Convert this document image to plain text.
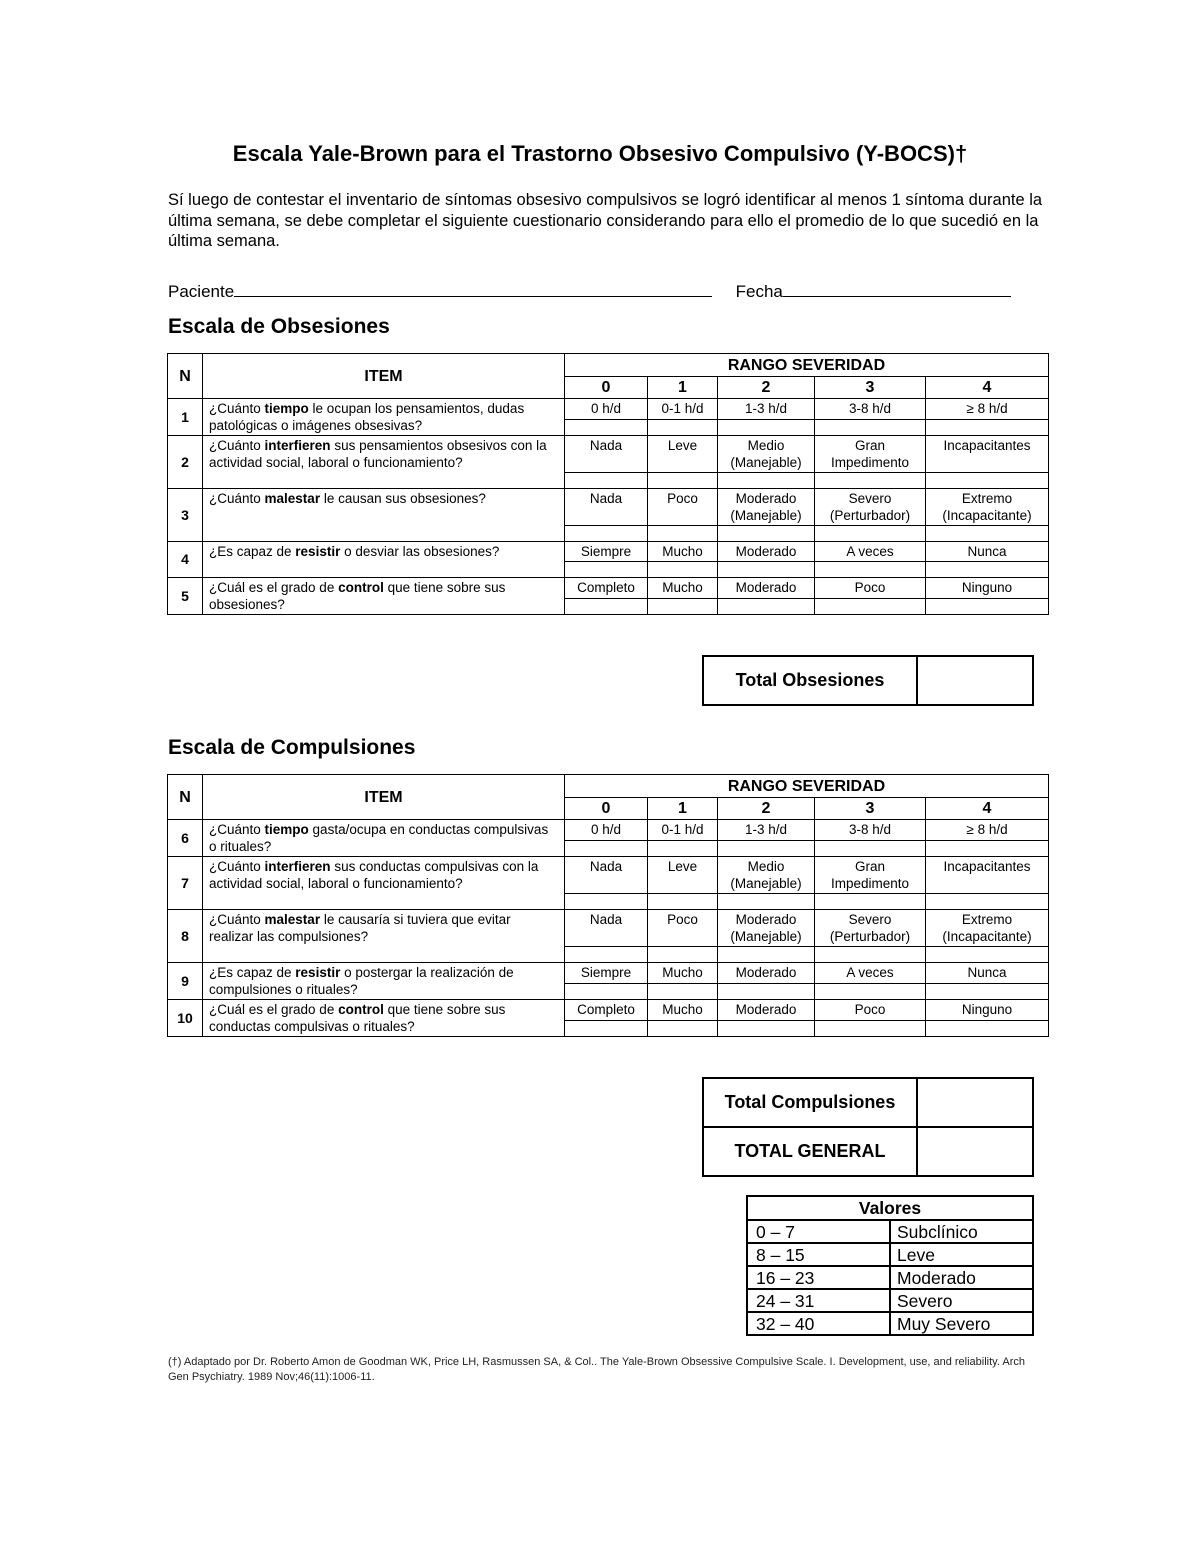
Escala Yale-Brown para el Trastorno Obsesivo Compulsivo (Y-BOCS)†
Sí luego de contestar el inventario de síntomas obsesivo compulsivos se logró identificar al menos 1 síntoma durante la última semana, se debe completar el siguiente cuestionario considerando para ello el promedio de lo que sucedió en la última semana.
Paciente	Fecha
Escala de Obsesiones
N	ITEM	RANGO SEVERIDAD				
		0	1	2	3	4
1	¿Cuánto tiempo le ocupan los pensamientos, dudas patológicas o imágenes obsesivas?	0 h/d	0-1 h/d	1-3 h/d	3-8 h/d	≥ 8 h/d

2	¿Cuánto interfieren sus pensamientos obsesivos con la actividad social, laboral o funcionamiento?	Nada	Leve	Medio (Manejable)	Gran Impedimento	Incapacitantes

3	¿Cuánto malestar le causan sus obsesiones?	Nada	Poco	Moderado (Manejable)	Severo (Perturbador)	Extremo (Incapacitante)

4	¿Es capaz de resistir o desviar las obsesiones?	Siempre	Mucho	Moderado	A veces	Nunca

5	¿Cuál es el grado de control que tiene sobre sus obsesiones?	Completo	Mucho	Moderado	Poco	Ninguno

Total Obsesiones	
Escala de Compulsiones
N	ITEM	RANGO SEVERIDAD				
		0	1	2	3	4
6	¿Cuánto tiempo gasta/ocupa en conductas compulsivas o rituales?	0 h/d	0-1 h/d	1-3 h/d	3-8 h/d	≥ 8 h/d

7	¿Cuánto interfieren sus conductas compulsivas con la actividad social, laboral o funcionamiento?	Nada	Leve	Medio (Manejable)	Gran Impedimento	Incapacitantes

8	¿Cuánto malestar le causaría si tuviera que evitar realizar las compulsiones?	Nada	Poco	Moderado (Manejable)	Severo (Perturbador)	Extremo (Incapacitante)

9	¿Es capaz de resistir o postergar la realización de compulsiones o rituales?	Siempre	Mucho	Moderado	A veces	Nunca

10	¿Cuál es el grado de control que tiene sobre sus conductas compulsivas o rituales?	Completo	Mucho	Moderado	Poco	Ninguno

Total Compulsiones	
TOTAL GENERAL	
Valores	
0 – 7	Subclínico
8 – 15	Leve
16 – 23	Moderado
24 – 31	Severo
32 – 40	Muy Severo
(†) Adaptado por Dr. Roberto Amon de Goodman WK, Price LH, Rasmussen SA, & Col.. The Yale-Brown Obsessive Compulsive Scale. I. Development, use, and reliability. Arch Gen Psychiatry. 1989 Nov;46(11):1006-11.
